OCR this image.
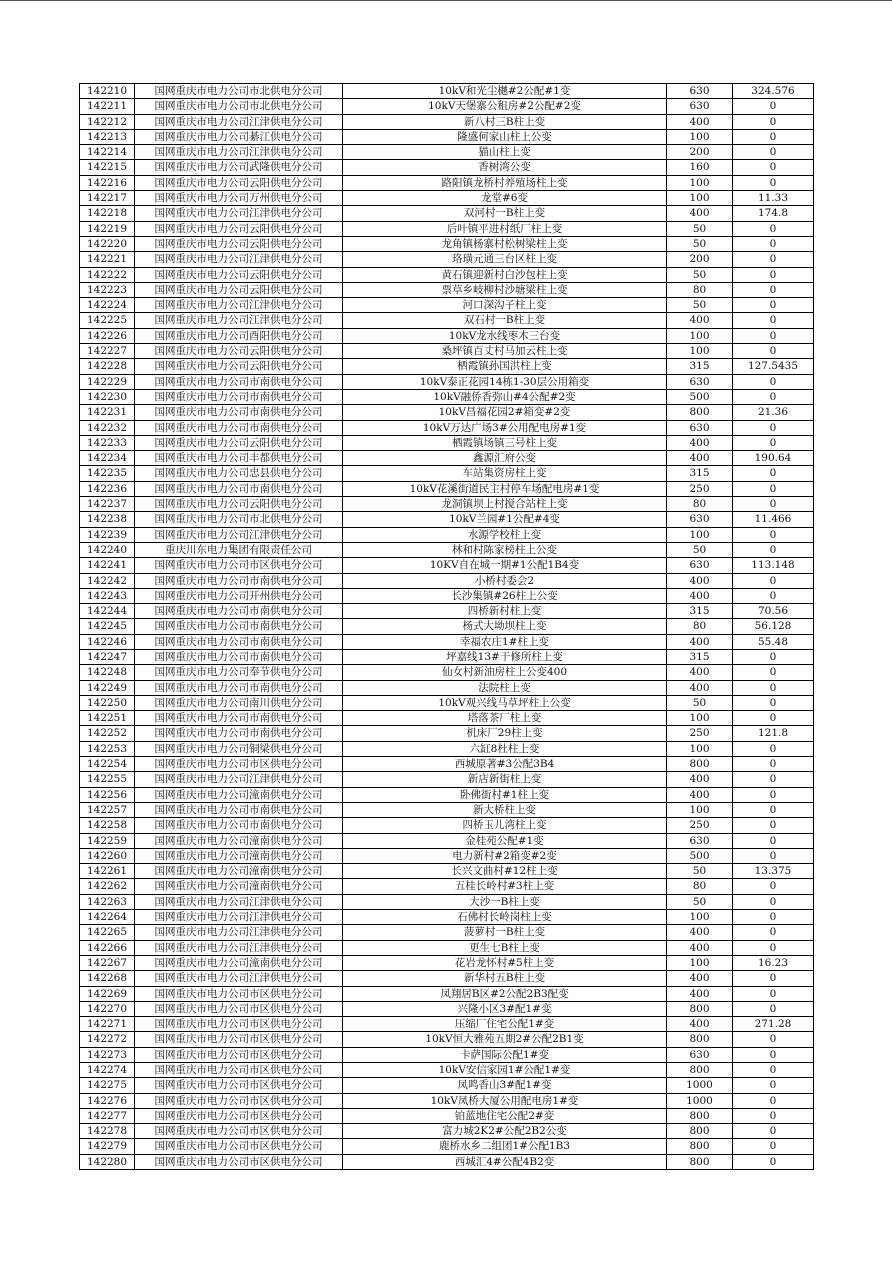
142210	国网重庆市电力公司市北供电分公司	10kV和光尘樾#2公配#1变	630	324.576
142211	国网重庆市电力公司市北供电分公司	10kV天堡寨公租房#2公配#2变	630	0
142212	国网重庆市电力公司江津供电分公司	新八村三B柱上变	400	0
142213	国网重庆市电力公司綦江供电分公司	隆盛何家山柱上公变	100	0
142214	国网重庆市电力公司江津供电分公司	猫山柱上变	200	0
142215	国网重庆市电力公司武隆供电分公司	香树湾公变	160	0
142216	国网重庆市电力公司云阳供电分公司	路阳镇龙桥村养殖场柱上变	100	0
142217	国网重庆市电力公司万州供电分公司	龙堂#6变	100	11.33
142218	国网重庆市电力公司江津供电分公司	双河村一B柱上变	400	174.8
142219	国网重庆市电力公司云阳供电分公司	后叶镇平进村纸厂柱上变	50	0
142220	国网重庆市电力公司云阳供电分公司	龙角镇杨寨村松树梁柱上变	50	0
142221	国网重庆市电力公司江津供电分公司	珞璜元通三台区柱上变	200	0
142222	国网重庆市电力公司云阳供电分公司	黄石镇迎新村白沙包柱上变	50	0
142223	国网重庆市电力公司云阳供电分公司	票草乡岐柳村沙塘梁柱上变	80	0
142224	国网重庆市电力公司江津供电分公司	河口深沟子柱上变	50	0
142225	国网重庆市电力公司江津供电分公司	双石村一B柱上变	400	0
142226	国网重庆市电力公司酉阳供电分公司	10kV龙水线枣木三台变	100	0
142227	国网重庆市电力公司云阳供电分公司	桑坪镇百丈村马加云柱上变	100	0
142228	国网重庆市电力公司云阳供电分公司	栖霞镇孙国洪柱上变	315	127.5435
142229	国网重庆市电力公司市南供电分公司	10kV泰正花园14栋1-30层公用箱变	630	0
142230	国网重庆市电力公司市南供电分公司	10kV融侨香弥山#4公配#2变	500	0
142231	国网重庆市电力公司市南供电分公司	10kV昌福花园2#箱变#2变	800	21.36
142232	国网重庆市电力公司市南供电分公司	10kV万达广场3#公用配电房#1变	630	0
142233	国网重庆市电力公司云阳供电分公司	栖霞镇场镇三号柱上变	400	0
142234	国网重庆市电力公司丰都供电分公司	鑫源汇府公变	400	190.64
142235	国网重庆市电力公司忠县供电分公司	车站集资房柱上变	315	0
142236	国网重庆市电力公司市南供电分公司	10kV花溪街道民主村停车场配电房#1变	250	0
142237	国网重庆市电力公司云阳供电分公司	龙洞镇坝上村搅合站柱上变	80	0
142238	国网重庆市电力公司市北供电分公司	10kV兰园#1公配#4变	630	11.466
142239	国网重庆市电力公司江津供电分公司	水源学校柱上变	100	0
142240	重庆川东电力集团有限责任公司	林和村陈家榜柱上公变	50	0
142241	国网重庆市电力公司市区供电分公司	10KV自在城一期#1公配1B4变	630	113.148
142242	国网重庆市电力公司市南供电分公司	小桥村委会2	400	0
142243	国网重庆市电力公司开州供电分公司	长沙集镇#26柱上公变	400	0
142244	国网重庆市电力公司市南供电分公司	四桥新村柱上变	315	70.56
142245	国网重庆市电力公司市南供电分公司	杨式大坳坝柱上变	80	56.128
142246	国网重庆市电力公司市南供电分公司	幸福农庄1#柱上变	400	55.48
142247	国网重庆市电力公司市南供电分公司	坪嘉线13#干修所柱上变	315	0
142248	国网重庆市电力公司奉节供电分公司	仙女村新油房柱上公变400	400	0
142249	国网重庆市电力公司市南供电分公司	法院柱上变	400	0
142250	国网重庆市电力公司南川供电分公司	10kV观兴线马草坪柱上公变	50	0
142251	国网重庆市电力公司市南供电分公司	塔落茶厂柱上变	100	0
142252	国网重庆市电力公司市南供电分公司	机床厂29柱上变	250	121.8
142253	国网重庆市电力公司铜梁供电分公司	六缸8杜柱上变	100	0
142254	国网重庆市电力公司市区供电分公司	西城原著#3公配3B4	800	0
142255	国网重庆市电力公司江津供电分公司	新店新街柱上变	400	0
142256	国网重庆市电力公司潼南供电分公司	卧佛街村#1柱上变	400	0
142257	国网重庆市电力公司市南供电分公司	新大桥柱上变	100	0
142258	国网重庆市电力公司市南供电分公司	四桥玉儿湾柱上变	250	0
142259	国网重庆市电力公司潼南供电分公司	金桂苑公配#1变	630	0
142260	国网重庆市电力公司潼南供电分公司	电力新村#2箱变#2变	500	0
142261	国网重庆市电力公司潼南供电分公司	长兴文曲村#12柱上变	50	13.375
142262	国网重庆市电力公司潼南供电分公司	五桂长岭村#3柱上变	80	0
142263	国网重庆市电力公司江津供电分公司	大沙一B柱上变	50	0
142264	国网重庆市电力公司江津供电分公司	石佛村长岭岗柱上变	100	0
142265	国网重庆市电力公司江津供电分公司	菠萝村一B柱上变	400	0
142266	国网重庆市电力公司江津供电分公司	更生七B柱上变	400	0
142267	国网重庆市电力公司潼南供电分公司	花岩龙怀村#5柱上变	100	16.23
142268	国网重庆市电力公司江津供电分公司	新华村五B柱上变	400	0
142269	国网重庆市电力公司市区供电分公司	凤翔居B区#2公配2B3配变	400	0
142270	国网重庆市电力公司市区供电分公司	兴隆小区3#配1#变	800	0
142271	国网重庆市电力公司市区供电分公司	压缩厂住宅公配1#变	400	271.28
142272	国网重庆市电力公司市区供电分公司	10kV恒大雅苑五期2#公配2B1变	800	0
142273	国网重庆市电力公司市区供电分公司	卡萨国际公配1#变	630	0
142274	国网重庆市电力公司市区供电分公司	10kV安信家园1#公配1#变	800	0
142275	国网重庆市电力公司市区供电分公司	凤鸣香山3#配1#变	1000	0
142276	国网重庆市电力公司市区供电分公司	10kV凤桥大厦公用配电房1#变	1000	0
142277	国网重庆市电力公司市区供电分公司	铂蓝地住宅公配2#变	800	0
142278	国网重庆市电力公司市区供电分公司	富力城2K2#公配2B2公变	800	0
142279	国网重庆市电力公司市区供电分公司	鹿桥水乡二组团1#公配1B3	800	0
142280	国网重庆市电力公司市区供电分公司	西城汇4#公配4B2变	800	0
